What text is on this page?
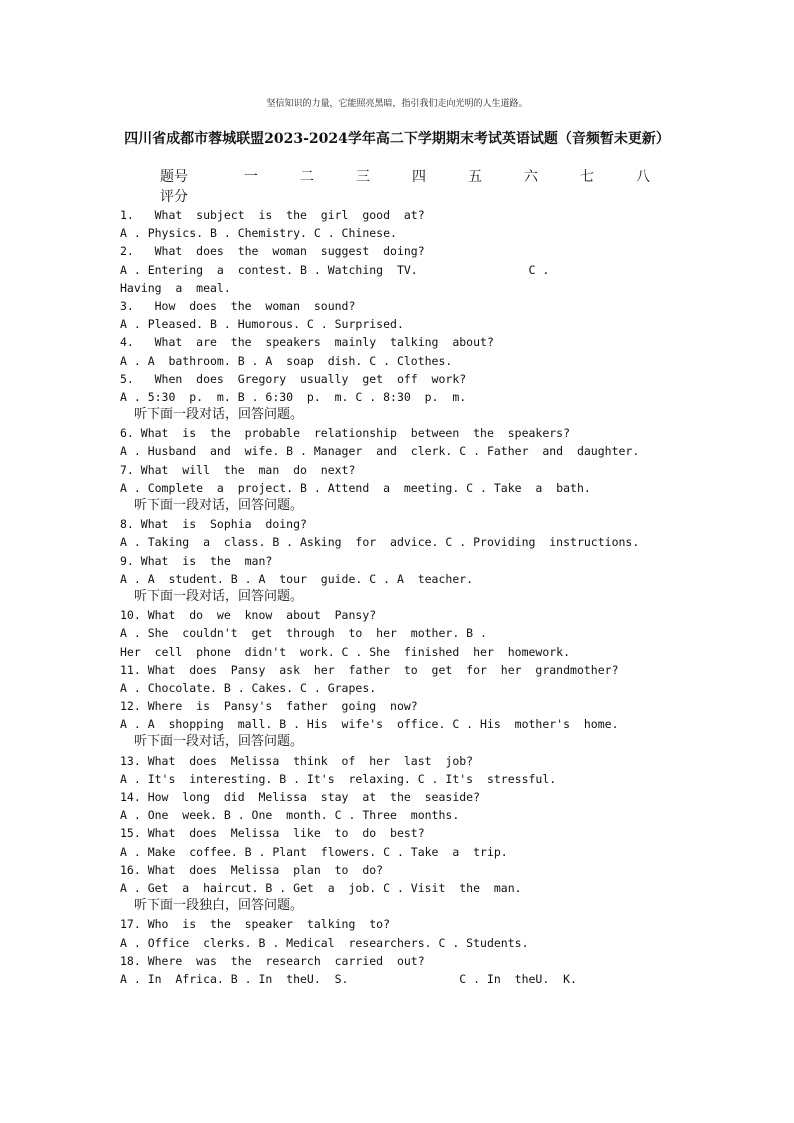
坚信知识的力量，它能照亮黑暗，指引我们走向光明的人生道路。
四川省成都市蓉城联盟2023-2024学年高二下学期期末考试英语试题（音频暂未更新）
题号	一	二	三	四	五	六	七	八
评分
1.   What  subject  is  the  girl  good  at?
A . Physics. B . Chemistry. C . Chinese.
2.   What  does  the  woman  suggest  doing?
A . Entering  a  contest. B . Watching  TV.                C .
Having  a  meal.
3.   How  does  the  woman  sound?
A . Pleased. B . Humorous. C . Surprised.
4.   What  are  the  speakers  mainly  talking  about?
A . A  bathroom. B . A  soap  dish. C . Clothes.
5.   When  does  Gregory  usually  get  off  work?
A . 5:30  p.  m. B . 6:30  p.  m. C . 8:30  p.  m.
听下面一段对话，回答问题。
6. What  is  the  probable  relationship  between  the  speakers?
A . Husband  and  wife. B . Manager  and  clerk. C . Father  and  daughter.
7. What  will  the  man  do  next?
A . Complete  a  project. B . Attend  a  meeting. C . Take  a  bath.
听下面一段对话，回答问题。
8. What  is  Sophia  doing?
A . Taking  a  class. B . Asking  for  advice. C . Providing  instructions.
9. What  is  the  man?
A . A  student. B . A  tour  guide. C . A  teacher.
听下面一段对话，回答问题。
10. What  do  we  know  about  Pansy?
A . She  couldn't  get  through  to  her  mother. B .
Her  cell  phone  didn't  work. C . She  finished  her  homework.
11. What  does  Pansy  ask  her  father  to  get  for  her  grandmother?
A . Chocolate. B . Cakes. C . Grapes.
12. Where  is  Pansy's  father  going  now?
A . A  shopping  mall. B . His  wife's  office. C . His  mother's  home.
听下面一段对话，回答问题。
13. What  does  Melissa  think  of  her  last  job?
A . It's  interesting. B . It's  relaxing. C . It's  stressful.
14. How  long  did  Melissa  stay  at  the  seaside?
A . One  week. B . One  month. C . Three  months.
15. What  does  Melissa  like  to  do  best?
A . Make  coffee. B . Plant  flowers. C . Take  a  trip.
16. What  does  Melissa  plan  to  do?
A . Get  a  haircut. B . Get  a  job. C . Visit  the  man.
听下面一段独白，回答问题。
17. Who  is  the  speaker  talking  to?
A . Office  clerks. B . Medical  researchers. C . Students.
18. Where  was  the  research  carried  out?
A . In  Africa. B . In  theU.  S.                C . In  theU.  K.
